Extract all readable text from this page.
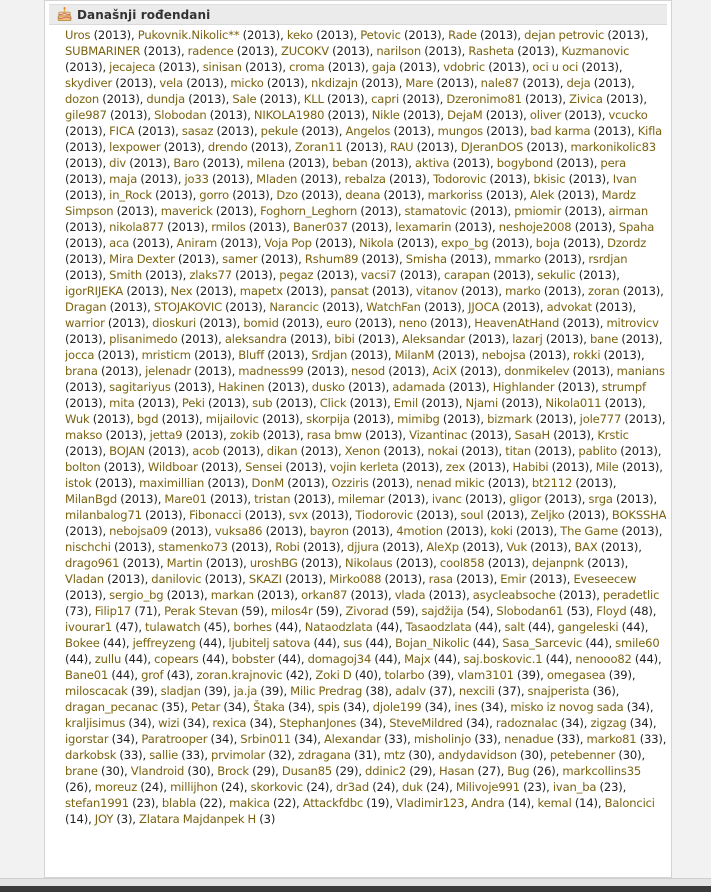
Današnji rođendani
Uros (2013), Pukovnik.Nikolic** (2013), keko (2013), Petovic (2013), Rade (2013), dejan petrovic (2013), SUBMARINER (2013), radence (2013), ZUCOKV (2013), narilson (2013), Rasheta (2013), Kuzmanovic (2013), jecajeca (2013), sinisan (2013), croma (2013), gaja (2013), vdobric (2013), oci u oci (2013), skydiver (2013), vela (2013), micko (2013), nkdizajn (2013), Mare (2013), nale87 (2013), deja (2013), dozon (2013), dundja (2013), Sale (2013), KLL (2013), capri (2013), Dzeronimo81 (2013), Zivica (2013), gile987 (2013), Slobodan (2013), NIKOLA1980 (2013), Nikle (2013), DejaM (2013), oliver (2013), vcucko (2013), FICA (2013), sasaz (2013), pekule (2013), Angelos (2013), mungos (2013), bad karma (2013), Kifla (2013), lexpower (2013), drendo (2013), Zoran11 (2013), RAU (2013), DJeranDOS (2013), markonikolic83 (2013), div (2013), Baro (2013), milena (2013), beban (2013), aktiva (2013), bogybond (2013), pera (2013), maja (2013), jo33 (2013), Mladen (2013), rebalza (2013), Todorovic (2013), bkisic (2013), Ivan (2013), in_Rock (2013), gorro (2013), Dzo (2013), deana (2013), markoriss (2013), Alek (2013), Mardz Simpson (2013), maverick (2013), Foghorn_Leghorn (2013), stamatovic (2013), pmiomir (2013), airman (2013), nikola877 (2013), rmilos (2013), Baner037 (2013), lexamarin (2013), neshoje2008 (2013), Spaha (2013), aca (2013), Aniram (2013), Voja Pop (2013), Nikola (2013), expo_bg (2013), boja (2013), Dzordz (2013), Mira Dexter (2013), samer (2013), Rshum89 (2013), Smisha (2013), mmarko (2013), rsrdjan (2013), Smith (2013), zlaks77 (2013), pegaz (2013), vacsi7 (2013), carapan (2013), sekulic (2013), igorRIJEKA (2013), Nex (2013), mapetx (2013), pansat (2013), vitanov (2013), marko (2013), zoran (2013), Dragan (2013), STOJAKOVIC (2013), Narancic (2013), WatchFan (2013), JJOCA (2013), advokat (2013), warrior (2013), dioskuri (2013), bomid (2013), euro (2013), neno (2013), HeavenAtHand (2013), mitrovicv (2013), plisanimedo (2013), aleksandra (2013), bibi (2013), Aleksandar (2013), lazarj (2013), bane (2013), jocca (2013), mristicm (2013), Bluff (2013), Srdjan (2013), MilanM (2013), nebojsa (2013), rokki (2013), brana (2013), jelenadr (2013), madness99 (2013), nesod (2013), AciX (2013), donmikelev (2013), manians (2013), sagitariyus (2013), Hakinen (2013), dusko (2013), adamada (2013), Highlander (2013), strumpf (2013), mita (2013), Peki (2013), sub (2013), Click (2013), Emil (2013), Njami (2013), Nikola011 (2013), Wuk (2013), bgd (2013), mijailovic (2013), skorpija (2013), mimibg (2013), bizmark (2013), jole777 (2013), makso (2013), jetta9 (2013), zokib (2013), rasa bmw (2013), Vizantinac (2013), SasaH (2013), Krstic (2013), BOJAN (2013), acob (2013), dikan (2013), Xenon (2013), nokai (2013), titan (2013), pablito (2013), bolton (2013), Wildboar (2013), Sensei (2013), vojin kerleta (2013), zex (2013), Habibi (2013), Mile (2013), istok (2013), maximillian (2013), DonM (2013), Ozziris (2013), nenad mikic (2013), bt2112 (2013), MilanBgd (2013), Mare01 (2013), tristan (2013), milemar (2013), ivanc (2013), gligor (2013), srga (2013), milanbalog71 (2013), Fibonacci (2013), svx (2013), Tiodorovic (2013), soul (2013), Zeljko (2013), BOKSSHA (2013), nebojsa09 (2013), vuksa86 (2013), bayron (2013), 4motion (2013), koki (2013), The Game (2013), nischchi (2013), stamenko73 (2013), Robi (2013), djjura (2013), AleXp (2013), Vuk (2013), BAX (2013), drago961 (2013), Martin (2013), uroshBG (2013), Nikolaus (2013), cool858 (2013), dejanpnk (2013), Vladan (2013), danilovic (2013), SKAZI (2013), Mirko088 (2013), rasa (2013), Emir (2013), Eveseecew (2013), sergio_bg (2013), markan (2013), orkan87 (2013), vlada (2013), asycleabsoche (2013), peradetlic (73), Filip17 (71), Perak Stevan (59), milos4r (59), Zivorad (59), sajdžija (54), Slobodan61 (53), Floyd (48), ivourar1 (47), tulawatch (45), borhes (44), Nataodzlata (44), Tasaodzlata (44), salt (44), gangeleski (44), Bokee (44), jeffreyzeng (44), ljubitelj satova (44), sus (44), Bojan_Nikolic (44), Sasa_Sarcevic (44), smile60 (44), zullu (44), copears (44), bobster (44), domagoj34 (44), Majx (44), saj.boskovic.1 (44), nenooo82 (44), Bane01 (44), grof (43), zoran.krajnovic (42), Zoki D (40), tolarbo (39), vlam3101 (39), omegasea (39), miloscacak (39), sladjan (39), ja.ja (39), Milic Predrag (38), adalv (37), nexcili (37), snajperista (36), dragan_pecanac (35), Petar (34), Štaka (34), spis (34), djole199 (34), ines (34), misko iz novog sada (34), kraljisimus (34), wizi (34), rexica (34), StephanJones (34), SteveMildred (34), radoznalac (34), zigzag (34), igorstar (34), Paratrooper (34), Srbin011 (34), Alexandar (33), misholinjo (33), nenadue (33), marko81 (33), darkobsk (33), sallie (33), prvimolar (32), zdragana (31), mtz (30), andydavidson (30), petebenner (30), brane (30), Vlandroid (30), Brock (29), Dusan85 (29), ddinic2 (29), Hasan (27), Bug (26), markcollins35 (26), moreuz (24), millijhon (24), skorkovic (24), dr3ad (24), duk (24), Milivoje991 (23), ivan_ba (23), stefan1991 (23), blabla (22), makica (22), Attackfdbc (19), Vladimir123, Andra (14), kemal (14), Baloncici (14), JOY (3), Zlatara Majdanpek H (3)
